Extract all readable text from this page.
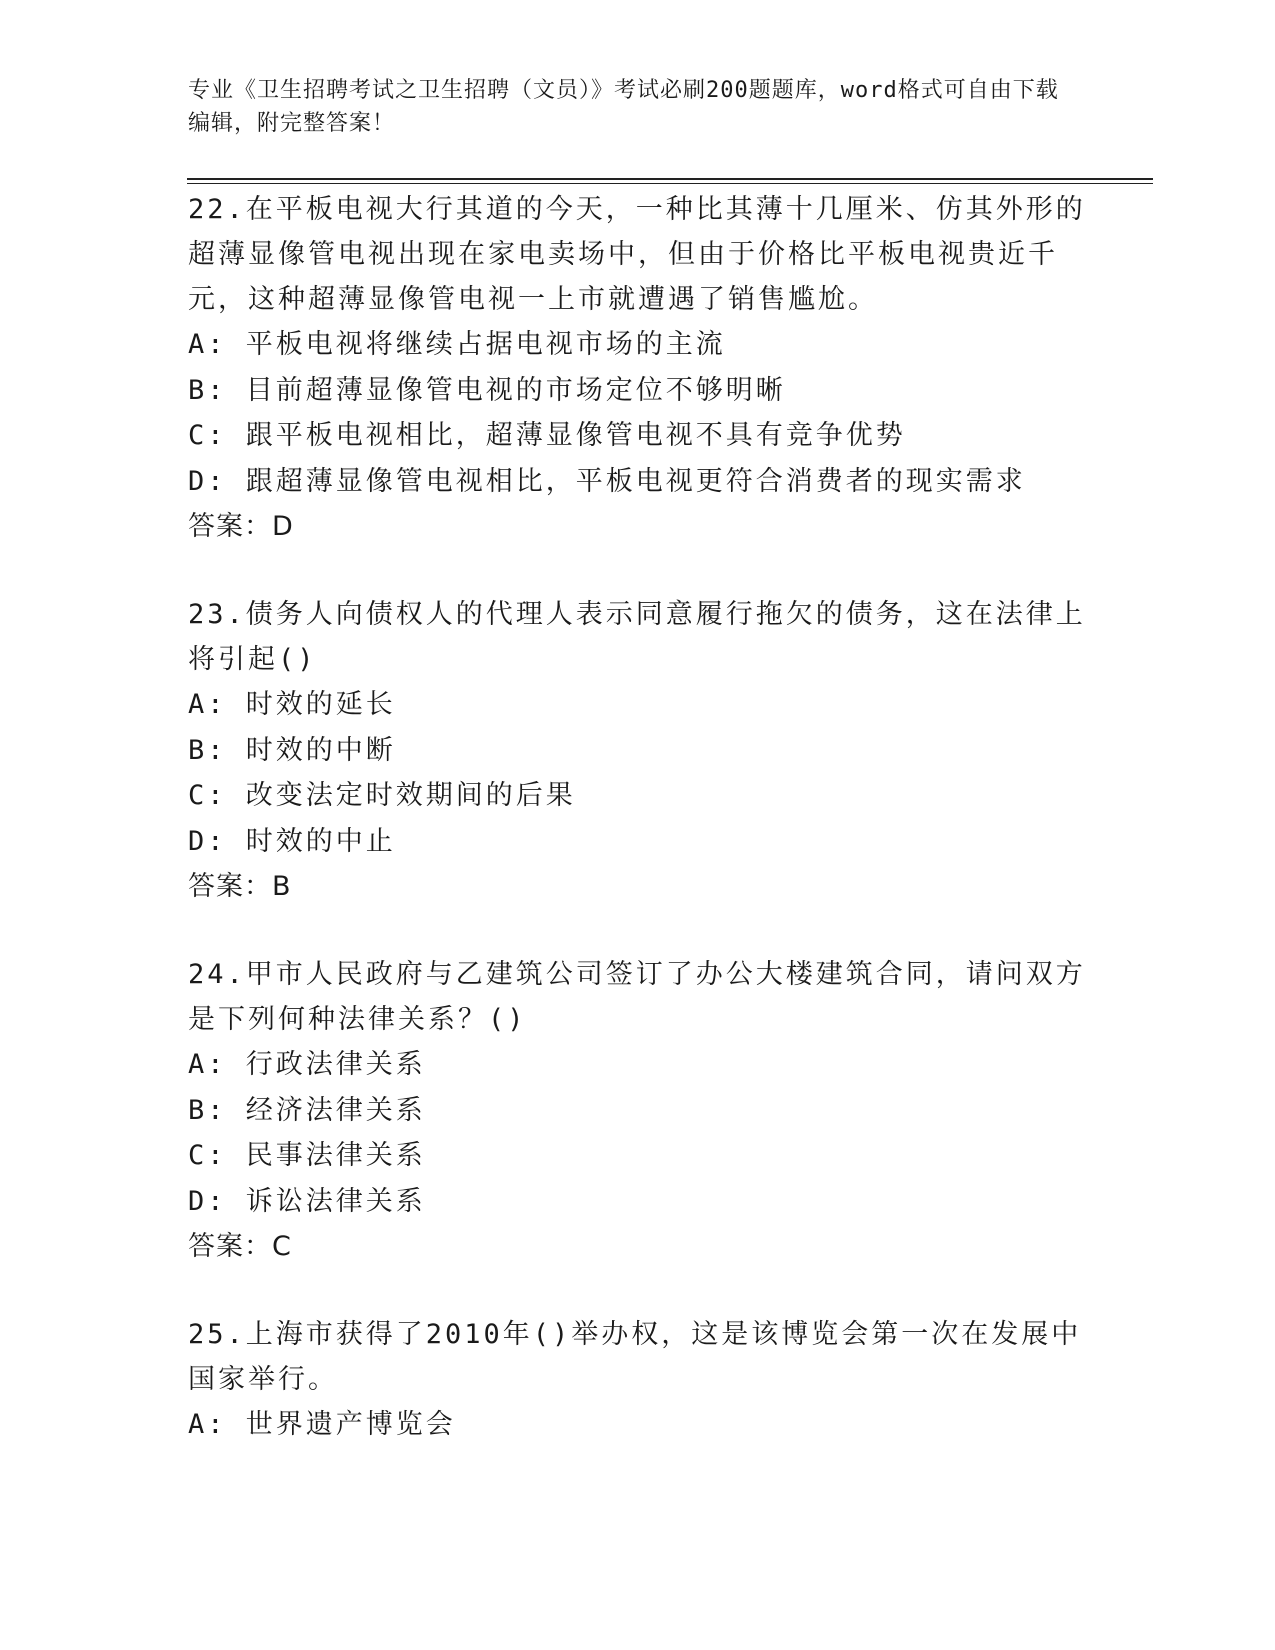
专业《卫生招聘考试之卫生招聘（文员）》考试必刷200题题库，word格式可自由下载编辑，附完整答案！
22.在平板电视大行其道的今天，一种比其薄十几厘米、仿其外形的超薄显像管电视出现在家电卖场中，但由于价格比平板电视贵近千元，这种超薄显像管电视一上市就遭遇了销售尴尬。
A: 平板电视将继续占据电视市场的主流
B: 目前超薄显像管电视的市场定位不够明晰
C: 跟平板电视相比，超薄显像管电视不具有竞争优势
D: 跟超薄显像管电视相比，平板电视更符合消费者的现实需求
答案：D
23.债务人向债权人的代理人表示同意履行拖欠的债务，这在法律上将引起()
A: 时效的延长
B: 时效的中断
C: 改变法定时效期间的后果
D: 时效的中止
答案：B
24.甲市人民政府与乙建筑公司签订了办公大楼建筑合同，请问双方是下列何种法律关系？()
A: 行政法律关系
B: 经济法律关系
C: 民事法律关系
D: 诉讼法律关系
答案：C
25.上海市获得了2010年()举办权，这是该博览会第一次在发展中国家举行。
A: 世界遗产博览会
